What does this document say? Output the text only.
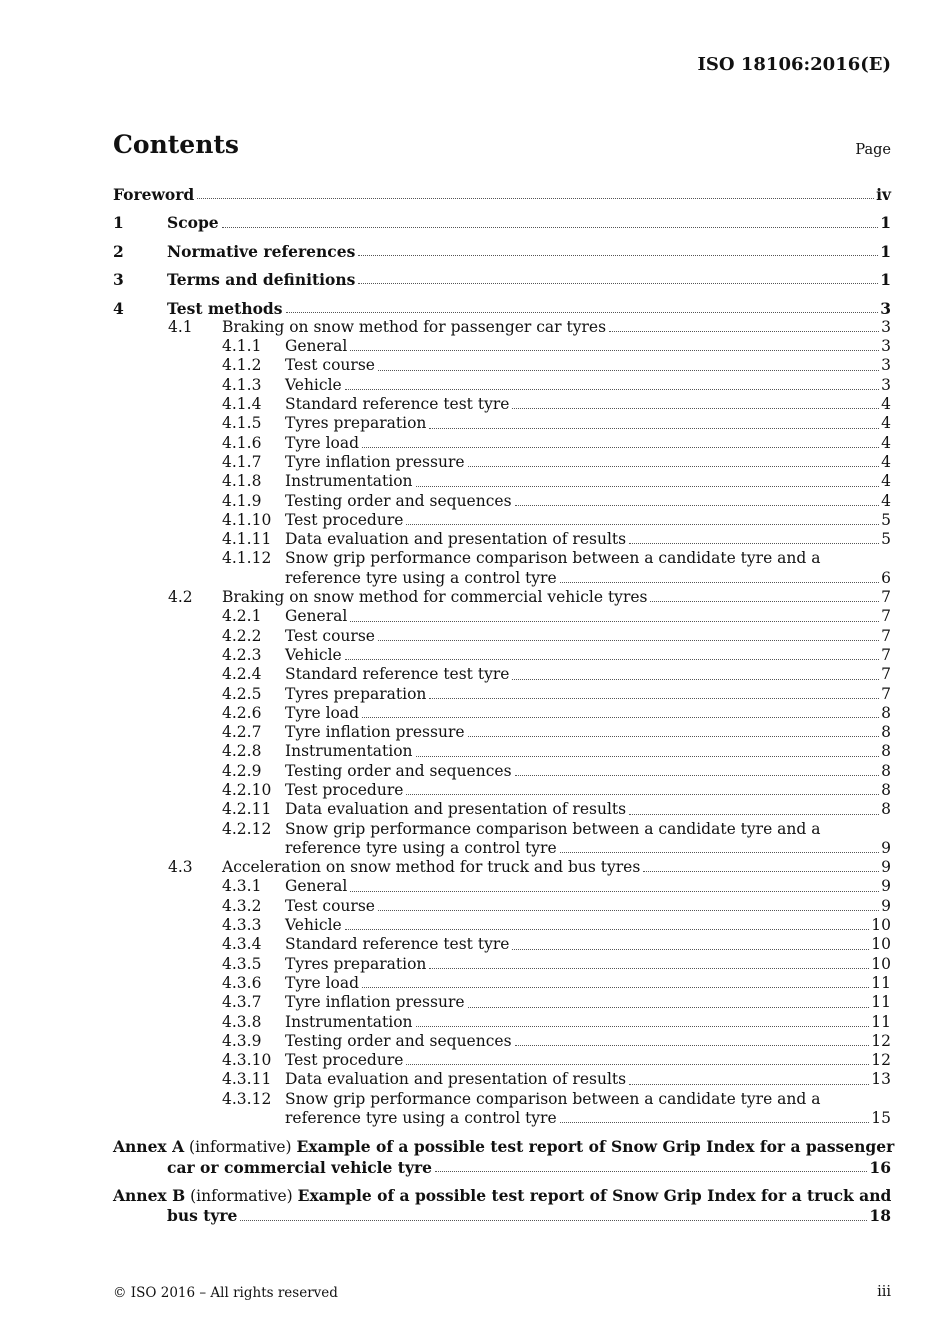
ISO 18106:2016(E)
Contents	Page
Foreword	iv
1	Scope	1
2	Normative references	1
3	Terms and definitions	1
4	Test methods	3
4.1 Braking on snow method for passenger car tyres	3
4.1.1 General	3
4.1.2 Test course	3
4.1.3 Vehicle	3
4.1.4 Standard reference test tyre	4
4.1.5 Tyres preparation	4
4.1.6 Tyre load	4
4.1.7 Tyre inflation pressure	4
4.1.8 Instrumentation	4
4.1.9 Testing order and sequences	4
4.1.10 Test procedure	5
4.1.11 Data evaluation and presentation of results	5
4.1.12 Snow grip performance comparison between a candidate tyre and a
reference tyre using a control tyre	6
4.2 Braking on snow method for commercial vehicle tyres	7
4.2.1 General	7
4.2.2 Test course	7
4.2.3 Vehicle	7
4.2.4 Standard reference test tyre	7
4.2.5 Tyres preparation	7
4.2.6 Tyre load	8
4.2.7 Tyre inflation pressure	8
4.2.8 Instrumentation	8
4.2.9 Testing order and sequences	8
4.2.10 Test procedure	8
4.2.11 Data evaluation and presentation of results	8
4.2.12 Snow grip performance comparison between a candidate tyre and a
reference tyre using a control tyre	9
4.3 Acceleration on snow method for truck and bus tyres	9
4.3.1 General	9
4.3.2 Test course	9
4.3.3 Vehicle	10
4.3.4 Standard reference test tyre	10
4.3.5 Tyres preparation	10
4.3.6 Tyre load	11
4.3.7 Tyre inflation pressure	11
4.3.8 Instrumentation	11
4.3.9 Testing order and sequences	12
4.3.10 Test procedure	12
4.3.11 Data evaluation and presentation of results	13
4.3.12 Snow grip performance comparison between a candidate tyre and a
reference tyre using a control tyre	15
Annex A (informative) Example of a possible test report of Snow Grip Index for a passenger
car or commercial vehicle tyre	16
Annex B (informative) Example of a possible test report of Snow Grip Index for a truck and
bus tyre	18
© ISO 2016 – All rights reserved	iii
